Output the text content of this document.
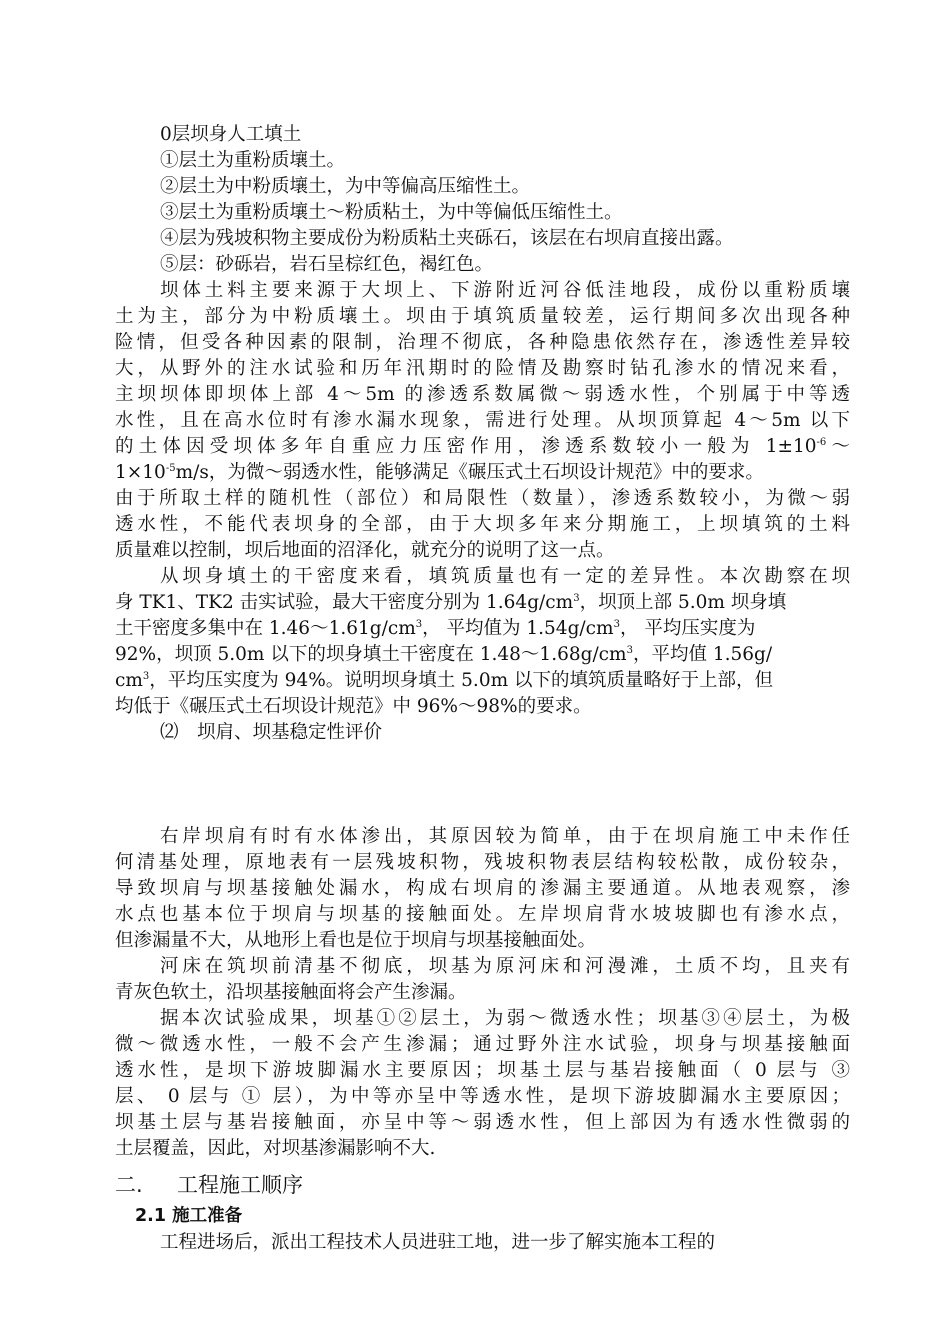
0层坝身人工填土
①层土为重粉质壤土。
②层土为中粉质壤土，为中等偏高压缩性土。
③层土为重粉质壤土～粉质粘土，为中等偏低压缩性土。
④层为残坡积物主要成份为粉质粘土夹砾石，该层在右坝肩直接出露。
⑤层：砂砾岩，岩石呈棕红色，褐红色。
坝体土料主要来源于大坝上、下游附近河谷低洼地段，成份以重粉质壤
土为主，部分为中粉质壤土。坝由于填筑质量较差，运行期间多次出现各种
险情，但受各种因素的限制，治理不彻底，各种隐患依然存在，渗透性差异较
大，从野外的注水试验和历年汛期时的险情及勘察时钻孔渗水的情况来看，
主坝坝体即坝体上部 4～5m 的渗透系数属微～弱透水性，个别属于中等透
水性，且在高水位时有渗水漏水现象，需进行处理。从坝顶算起 4～5m 以下
的土体因受坝体多年自重应力压密作用，渗透系数较小一般为 $1\pm 10^{-6}\sim$
$1\times 10^{-5}m/s$，为微～弱透水性，能够满足《碾压式土石坝设计规范》中的要求。
由于所取土样的随机性（部位）和局限性（数量），渗透系数较小，为微～弱
透水性，不能代表坝身的全部，由于大坝多年来分期施工，上坝填筑的土料
质量难以控制，坝后地面的沼泽化，就充分的说明了这一点。
从坝身填土的干密度来看，填筑质量也有一定的差异性。本次勘察在坝
身 TK1、TK2 击实试验，最大干密度分别为 $1.64g/cm^3$，坝顶上部 5.0m 坝身填
土干密度多集中在 $1.46\sim 1.61g/cm^3$， 平均值为 $1.54g/cm^3$， 平均压实度为
92%，坝顶 5.0m 以下的坝身填土干密度在 $1.48\sim 1.68g/cm^3$，平均值 1.56g/
$cm^3$，平均压实度为 94%。说明坝身填土 5.0m 以下的填筑质量略好于上部，但
均低于《碾压式土石坝设计规范》中 96%～98%的要求。
⑵　坝肩、坝基稳定性评价
右岸坝肩有时有水体渗出，其原因较为简单，由于在坝肩施工中未作任
何清基处理，原地表有一层残坡积物，残坡积物表层结构较松散，成份较杂，
导致坝肩与坝基接触处漏水，构成右坝肩的渗漏主要通道。从地表观察，渗
水点也基本位于坝肩与坝基的接触面处。左岸坝肩背水坡坡脚也有渗水点，
但渗漏量不大，从地形上看也是位于坝肩与坝基接触面处。
河床在筑坝前清基不彻底，坝基为原河床和河漫滩，土质不均，且夹有
青灰色软土，沿坝基接触面将会产生渗漏。
据本次试验成果，坝基①②层土，为弱～微透水性；坝基③④层土，为极
微～微透水性，一般不会产生渗漏；通过野外注水试验，坝身与坝基接触面
透水性，是坝下游坡脚漏水主要原因；坝基土层与基岩接触面（ 0 层与 ③
层、 0 层与 ① 层），为中等亦呈中等透水性，是坝下游坡脚漏水主要原因；
坝基土层与基岩接触面，亦呈中等～弱透水性，但上部因为有透水性微弱的
土层覆盖，因此，对坝基渗漏影响不大.
二. 工程施工顺序
2.1 施工准备
工程进场后，派出工程技术人员进驻工地，进一步了解实施本工程的
